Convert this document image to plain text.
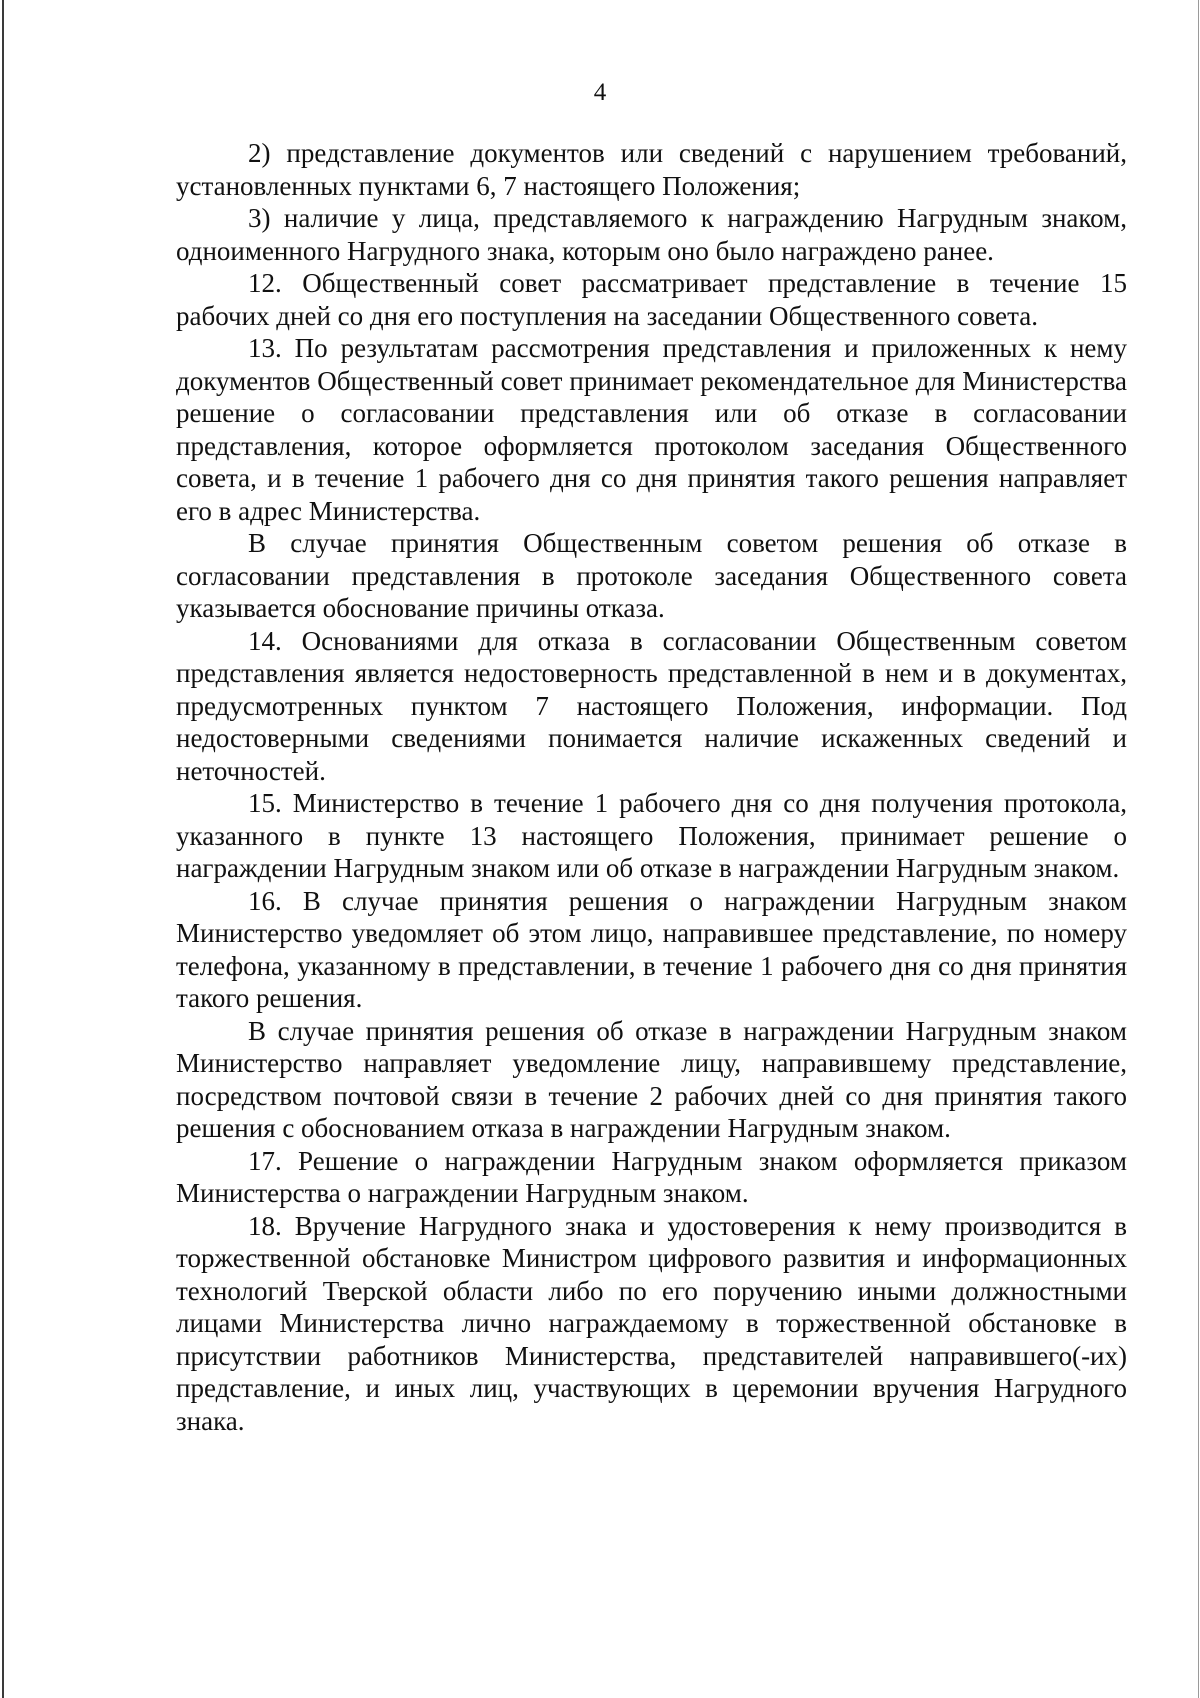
4

2) представление документов или сведений с нарушением требований, установленных пунктами 6, 7 настоящего Положения;

3) наличие у лица, представляемого к награждению Нагрудным знаком, одноименного Нагрудного знака, которым оно было награждено ранее.

12. Общественный совет рассматривает представление в течение 15 рабочих дней со дня его поступления на заседании Общественного совета.

13. По результатам рассмотрения представления и приложенных к нему документов Общественный совет принимает рекомендательное для Министерства решение о согласовании представления или об отказе в согласовании представления, которое оформляется протоколом заседания Общественного совета, и в течение 1 рабочего дня со дня принятия такого решения направляет его в адрес Министерства.

В случае принятия Общественным советом решения об отказе в согласовании представления в протоколе заседания Общественного совета указывается обоснование причины отказа.

14. Основаниями для отказа в согласовании Общественным советом представления является недостоверность представленной в нем и в документах, предусмотренных пунктом 7 настоящего Положения, информации. Под недостоверными сведениями понимается наличие искаженных сведений и неточностей.

15. Министерство в течение 1 рабочего дня со дня получения протокола, указанного в пункте 13 настоящего Положения, принимает решение о награждении Нагрудным знаком или об отказе в награждении Нагрудным знаком.

16. В случае принятия решения о награждении Нагрудным знаком Министерство уведомляет об этом лицо, направившее представление, по номеру телефона, указанному в представлении, в течение 1 рабочего дня со дня принятия такого решения.

В случае принятия решения об отказе в награждении Нагрудным знаком Министерство направляет уведомление лицу, направившему представление, посредством почтовой связи в течение 2 рабочих дней со дня принятия такого решения с обоснованием отказа в награждении Нагрудным знаком.

17. Решение о награждении Нагрудным знаком оформляется приказом Министерства о награждении Нагрудным знаком.

18. Вручение Нагрудного знака и удостоверения к нему производится в торжественной обстановке Министром цифрового развития и информационных технологий Тверской области либо по его поручению иными должностными лицами Министерства лично награждаемому в торжественной обстановке в присутствии работников Министерства, представителей направившего(-их) представление, и иных лиц, участвующих в церемонии вручения Нагрудного знака.
